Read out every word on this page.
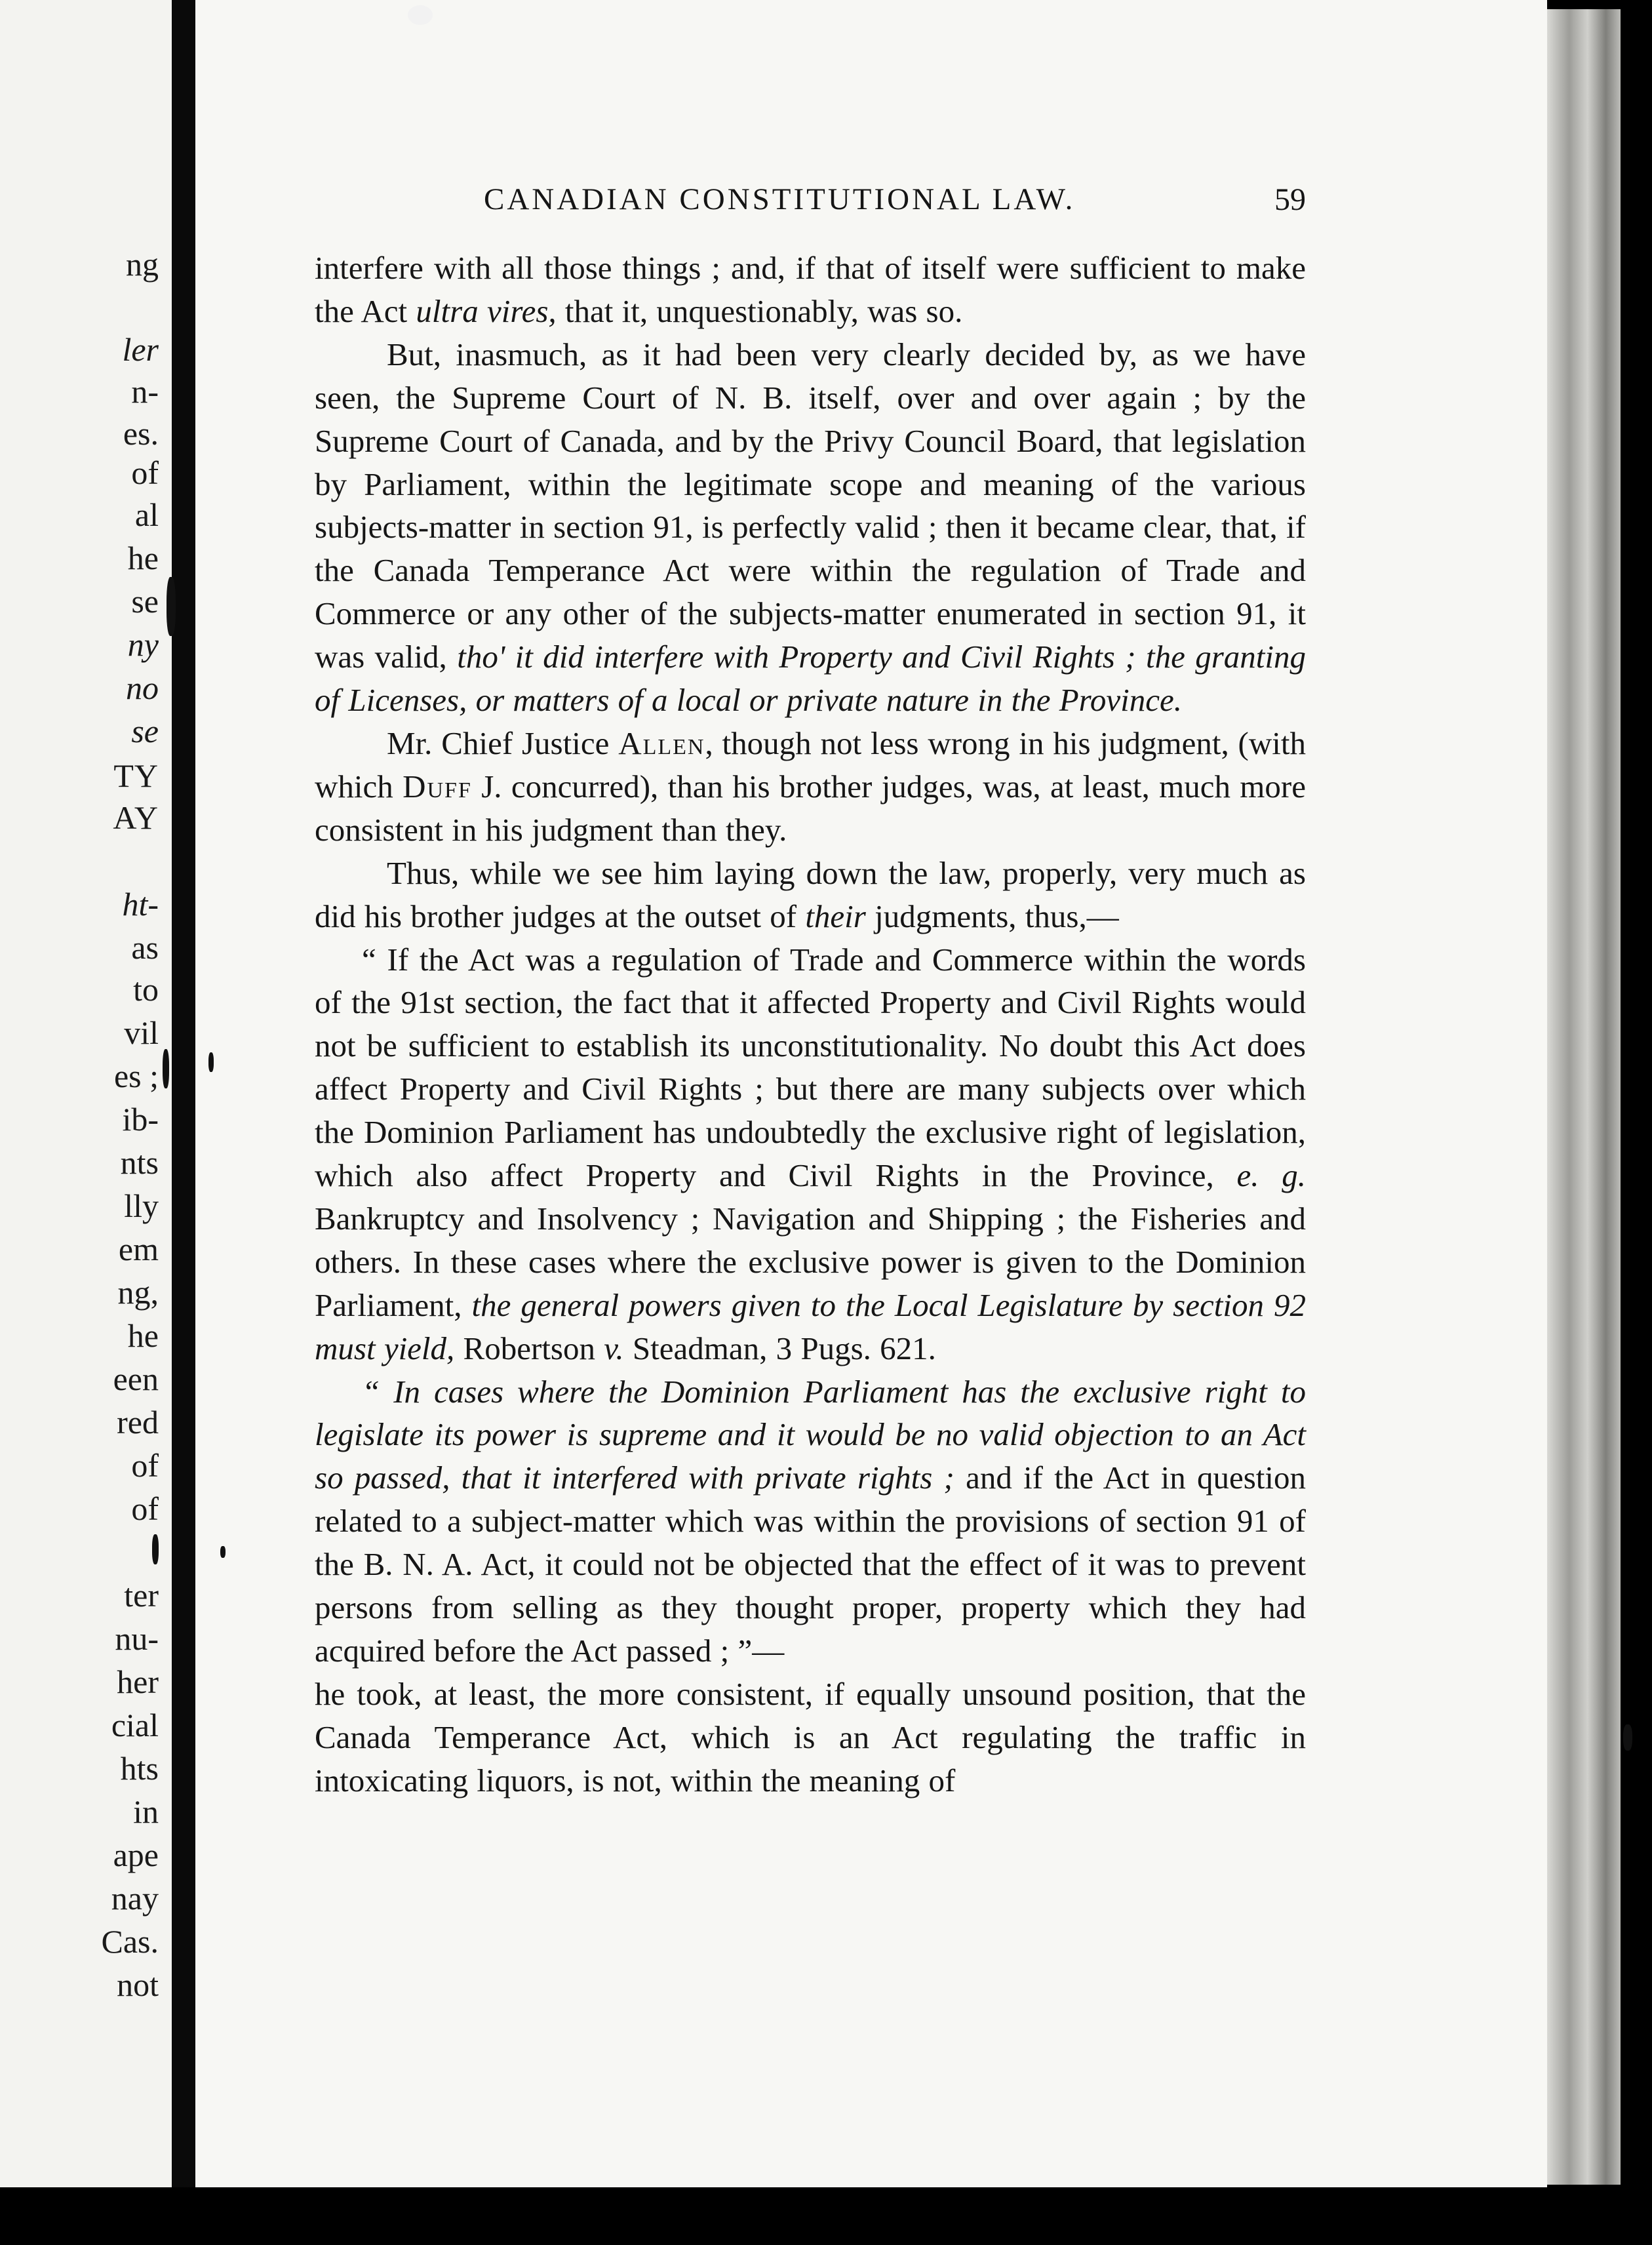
ng
ler
n-
es.
of
al
he
se
ny
no
se
TY
AY
ht-
as
to
vil
es ;
ib-
nts
lly
em
ng,
he
een
red
of
of
ter
nu-
her
cial
hts
in
ape
nay
Cas.
not
CANADIAN CONSTITUTIONAL LAW.	59

interfere with all those things ; and, if that of itself were sufficient to make the Act ultra vires, that it, unquestionably, was so.

But, inasmuch, as it had been very clearly decided by, as we have seen, the Supreme Court of N. B. itself, over and over again ; by the Supreme Court of Canada, and by the Privy Council Board, that legislation by Parliament, within the legitimate scope and meaning of the various subjects-matter in section 91, is perfectly valid ; then it became clear, that, if the Canada Temperance Act were within the regulation of Trade and Commerce or any other of the subjects-matter enumerated in section 91, it was valid, tho' it did interfere with Property and Civil Rights ; the granting of Licenses, or matters of a local or private nature in the Province.

Mr. Chief Justice Allen, though not less wrong in his judgment, (with which Duff J. concurred), than his brother judges, was, at least, much more consistent in his judgment than they.

Thus, while we see him laying down the law, properly, very much as did his brother judges at the outset of their judgments, thus,—

“ If the Act was a regulation of Trade and Commerce within the words of the 91st section, the fact that it affected Property and Civil Rights would not be sufficient to establish its unconstitutionality. No doubt this Act does affect Property and Civil Rights ; but there are many subjects over which the Dominion Parliament has undoubtedly the exclusive right of legislation, which also affect Property and Civil Rights in the Province, e. g. Bankruptcy and Insolvency ; Navigation and Shipping ; the Fisheries and others. In these cases where the exclusive power is given to the Dominion Parliament, the general powers given to the Local Legislature by section 92 must yield, Robertson v. Steadman, 3 Pugs. 621.

“ In cases where the Dominion Parliament has the exclusive right to legislate its power is supreme and it would be no valid objection to an Act so passed, that it interfered with private rights ; and if the Act in question related to a subject-matter which was within the provisions of section 91 of the B. N. A. Act, it could not be objected that the effect of it was to prevent persons from selling as they thought proper, property which they had acquired before the Act passed ; ”—

he took, at least, the more consistent, if equally unsound position, that the Canada Temperance Act, which is an Act regulating the traffic in intoxicating liquors, is not, within the meaning of
